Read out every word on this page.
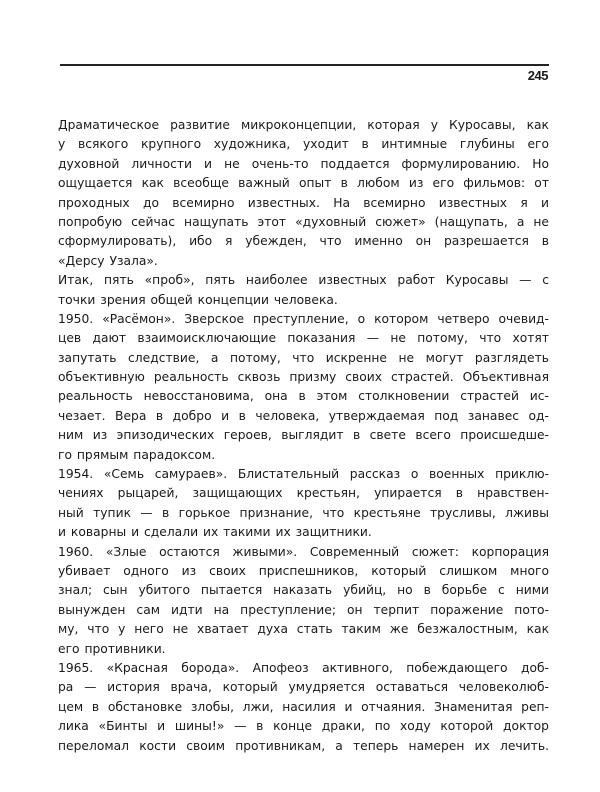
245
Драматическое развитие микроконцепции, которая у Куросавы, как
у всякого крупного художника, уходит в интимные глубины его
духовной личности и не очень-то поддается формулированию. Но
ощущается как всеобще важный опыт в любом из его фильмов: от
проходных до всемирно известных. На всемирно известных я и
попробую сейчас нащупать этот «духовный сюжет» (нащупать, а не
сформулировать), ибо я убежден, что именно он разрешается в
«Дерсу Узала».
Итак, пять «проб», пять наиболее известных работ Куросавы — с
точки зрения общей концепции человека.
1950. «Расёмон». Зверское преступление, о котором четверо очевид-
цев дают взаимоисключающие показания — не потому, что хотят
запутать следствие, а потому, что искренне не могут разглядеть
объективную реальность сквозь призму своих страстей. Объективная
реальность невосстановима, она в этом столкновении страстей ис-
чезает. Вера в добро и в человека, утверждаемая под занавес од-
ним из эпизодических героев, выглядит в свете всего происшедше-
го прямым парадоксом.
1954. «Семь самураев». Блистательный рассказ о военных приклю-
чениях рыцарей, защищающих крестьян, упирается в нравствен-
ный тупик — в горькое признание, что крестьяне трусливы, лживы
и коварны и сделали их такими их защитники.
1960. «Злые остаются живыми». Современный сюжет: корпорация
убивает одного из своих приспешников, который слишком много
знал; сын убитого пытается наказать убийц, но в борьбе с ними
вынужден сам идти на преступление; он терпит поражение пото-
му, что у него не хватает духа стать таким же безжалостным, как
его противники.
1965. «Красная борода». Апофеоз активного, побеждающего доб-
ра — история врача, который умудряется оставаться человеколюб-
цем в обстановке злобы, лжи, насилия и отчаяния. Знаменитая реп-
лика «Бинты и шины!» — в конце драки, по ходу которой доктор
переломал кости своим противникам, а теперь намерен их лечить.
